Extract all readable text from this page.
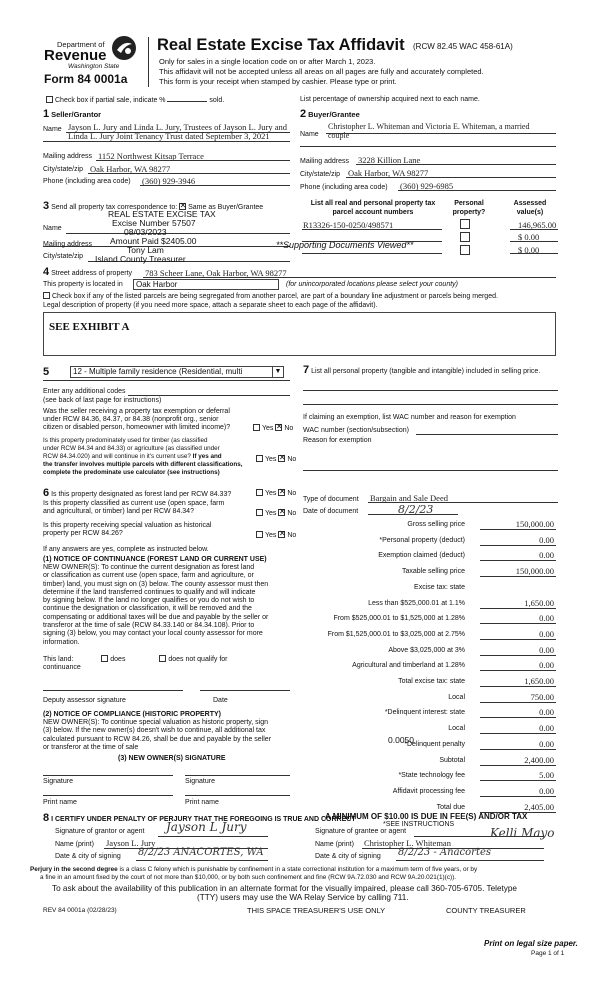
Department of
Revenue
Washington State
Form 84 0001a
Real Estate Excise Tax Affidavit (RCW 82.45 WAC 458-61A)
Only for sales in a single location code on or after March 1, 2023.
This affidavit will not be accepted unless all areas on all pages are fully and accurately completed.
This form is your receipt when stamped by cashier. Please type or print.
Check box if partial sale, indicate %	sold.	List percentage of ownership acquired next to each name.
1 Seller/Grantor
Name Jayson L. Jury and Linda L. Jury, Trustees of Jayson L. Jury and
Linda L. Jury Joint Tenancy Trust dated September 3, 2021
Mailing address 1152 Northwest Kitsap Terrace
City/state/zip Oak Harbor, WA 98277
Phone (including area code) (360) 929-3946
2 Buyer/Grantee
Name
Christopher L. Whiteman and Victoria E. Whiteman, a married
couple
Mailing address 3228 Killion Lane
City/state/zip Oak Harbor, WA 98277
Phone (including area code) (360) 929-6985
3 Send all property tax correspondence to: ✕ Same as Buyer/Grantee
Name
Mailing address
City/state/zip
REAL ESTATE EXCISE TAX
Excise Number 57507
08/03/2023
Amount Paid $2405.00
Tony Lam
Island County Treasurer
**Supporting Documents Viewed**
List all real and personal property tax parcel account numbers
Personal property?
Assessed value(s)
R13326-150-0250/498571	146,965.00
$ 0.00
$ 0.00
4 Street address of property 783 Scheer Lane, Oak Harbor, WA 98277
This property is located in Oak Harbor	(for unincorporated locations please select your county)
Check box if any of the listed parcels are being segregated from another parcel, are part of a boundary line adjustment or parcels being merged.
Legal description of property (if you need more space, attach a separate sheet to each page of the affidavit).
SEE EXHIBIT A
5	12 - Multiple family residence (Residential, multi	▼
Enter any additional codes
(see back of last page for instructions)
Was the seller receiving a property tax exemption or deferral
under RCW 84.36, 84.37, or 84.38 (nonprofit org., senior
citizen or disabled person, homeowner with limited income)?	Yes ✕ No
Is this property predominately used for timber (as classified
under RCW 84.34 and 84.33) or agriculture (as classified under
RCW 84.34.020) and will continue in it's current use? If yes and
the transfer involves multiple parcels with different classifications,
complete the predominate use calculator (see instructions)
Yes ✕ No
6 Is this property designated as forest land per RCW 84.33?	Yes ✕ No
Is this property classified as current use (open space, farm
and agricultural, or timber) land per RCW 84.34?	Yes ✕ No
Is this property receiving special valuation as historical
property per RCW 84.26?	Yes ✕ No
If any answers are yes, complete as instructed below.
(1) NOTICE OF CONTINUANCE (FOREST LAND OR CURRENT USE)
NEW OWNER(S): To continue the current designation as forest land
or classification as current use (open space, farm and agriculture, or
timber) land, you must sign on (3) below. The county assessor must then
determine if the land transferred continues to qualify and will indicate
by signing below. If the land no longer qualifies or you do not wish to
continue the designation or classification, it will be removed and the
compensating or additional taxes will be due and payable by the seller or
transferor at the time of sale (RCW 84.33.140 or 84.34.108). Prior to
signing (3) below, you may contact your local county assessor for more
information.
This land:	does	does not qualify for
continuance
Deputy assessor signature	Date
(2) NOTICE OF COMPLIANCE (HISTORIC PROPERTY)
NEW OWNER(S): To continue special valuation as historic property, sign
(3) below. If the new owner(s) doesn't wish to continue, all additional tax
calculated pursuant to RCW 84.26, shall be due and payable by the seller
or transferor at the time of sale
(3) NEW OWNER(S) SIGNATURE
Signature	Signature
Print name	Print name
7 List all personal property (tangible and intangible) included in selling price.
If claiming an exemption, list WAC number and reason for exemption
WAC number (section/subsection)
Reason for exemption
Type of document Bargain and Sale Deed
Date of document	8/2/23
Gross selling price	150,000.00
*Personal property (deduct)	0.00
Exemption claimed (deduct)	0.00
Taxable selling price	150,000.00
Excise tax: state
Less than $525,000.01 at 1.1%	1,650.00
From $525,000.01 to $1,525,000 at 1.28%	0.00
From $1,525,000.01 to $3,025,000 at 2.75%	0.00
Above $3,025,000 at 3%	0.00
Agricultural and timberland at 1.28%	0.00
Total excise tax: state	1,650.00
Local	750.00
*Delinquent interest: state	0.00
Local	0.00
*Delinquent penalty	0.00
Subtotal	2,400.00
*State technology fee	5.00
Affidavit processing fee	0.00
Total due	2,405.00
0.0050
A MINIMUM OF $10.00 IS DUE IN FEE(S) AND/OR TAX
*SEE INSTRUCTIONS
8 I CERTIFY UNDER PENALTY OF PERJURY THAT THE FOREGOING IS TRUE AND CORRECT
Signature of grantor or agent Jayson L Jury
Name (print) Jayson L. Jury
Date & city of signing 8/2/23 ANACORTES, WA
Signature of grantee or agent	Kelli Mayo
Name (print) Christopher L. Whiteman
Date & city of signing 8/2/23 - Anacortes
Perjury in the second degree is a class C felony which is punishable by confinement in a state correctional institution for a maximum term of five years, or by
a fine in an amount fixed by the court of not more than $10,000, or by both such confinement and fine (RCW 9A.72.030 and RCW 9A.20.021(1)(c)).
To ask about the availability of this publication in an alternate format for the visually impaired, please call 360-705-6705. Teletype
(TTY) users may use the WA Relay Service by calling 711.
REV 84 0001a (02/28/23)	THIS SPACE TREASURER'S USE ONLY	COUNTY TREASURER
Print on legal size paper.
Page 1 of 1
